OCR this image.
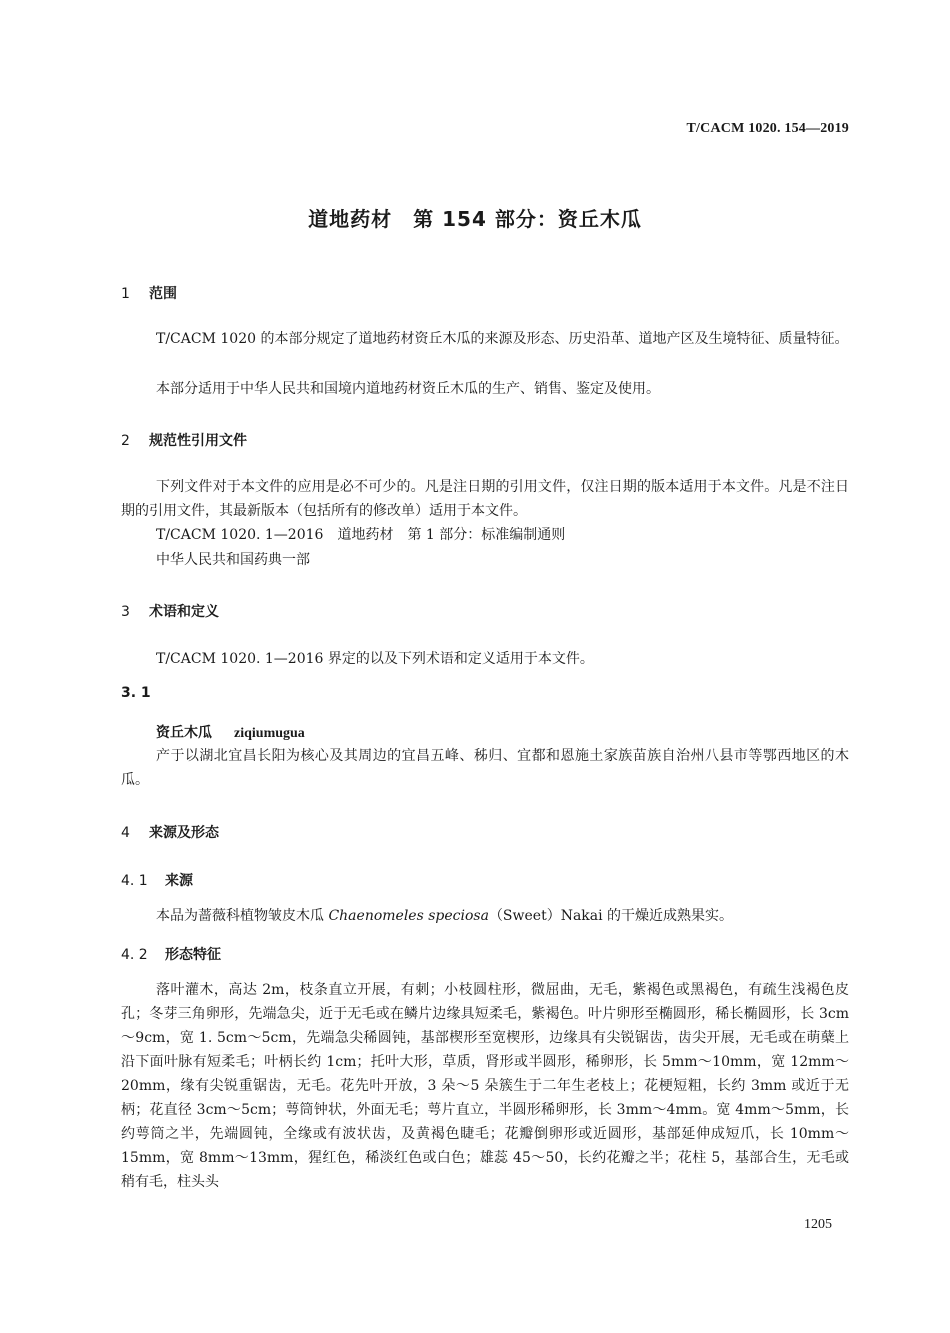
T/CACM 1020. 154—2019
道地药材　第 154 部分：资丘木瓜
1 范围
T/CACM 1020 的本部分规定了道地药材资丘木瓜的来源及形态、历史沿革、道地产区及生境特征、质量特征。
本部分适用于中华人民共和国境内道地药材资丘木瓜的生产、销售、鉴定及使用。
2 规范性引用文件
下列文件对于本文件的应用是必不可少的。凡是注日期的引用文件，仅注日期的版本适用于本文件。凡是不注日期的引用文件，其最新版本（包括所有的修改单）适用于本文件。
T/CACM 1020. 1—2016　道地药材　第 1 部分：标准编制通则
中华人民共和国药典一部
3 术语和定义
T/CACM 1020. 1—2016 界定的以及下列术语和定义适用于本文件。
3. 1
资丘木瓜 ziqiumugua
产于以湖北宜昌长阳为核心及其周边的宜昌五峰、秭归、宜都和恩施土家族苗族自治州八县市等鄂西地区的木瓜。
4 来源及形态
4. 1 来源
本品为蔷薇科植物皱皮木瓜 Chaenomeles speciosa（Sweet）Nakai 的干燥近成熟果实。
4. 2 形态特征
落叶灌木，高达 2m，枝条直立开展，有刺；小枝圆柱形，微屈曲，无毛，紫褐色或黑褐色，有疏生浅褐色皮孔；冬芽三角卵形，先端急尖，近于无毛或在鳞片边缘具短柔毛，紫褐色。叶片卵形至椭圆形，稀长椭圆形，长 3cm～9cm，宽 1. 5cm～5cm，先端急尖稀圆钝，基部楔形至宽楔形，边缘具有尖锐锯齿，齿尖开展，无毛或在萌蘖上沿下面叶脉有短柔毛；叶柄长约 1cm；托叶大形，草质，肾形或半圆形，稀卵形，长 5mm～10mm，宽 12mm～20mm，缘有尖锐重锯齿，无毛。花先叶开放，3 朵～5 朵簇生于二年生老枝上；花梗短粗，长约 3mm 或近于无柄；花直径 3cm～5cm；萼筒钟状，外面无毛；萼片直立，半圆形稀卵形，长 3mm～4mm。宽 4mm～5mm，长约萼筒之半，先端圆钝，全缘或有波状齿，及黄褐色睫毛；花瓣倒卵形或近圆形，基部延伸成短爪，长 10mm～15mm，宽 8mm～13mm，猩红色，稀淡红色或白色；雄蕊 45～50，长约花瓣之半；花柱 5，基部合生，无毛或稍有毛，柱头头
1205
